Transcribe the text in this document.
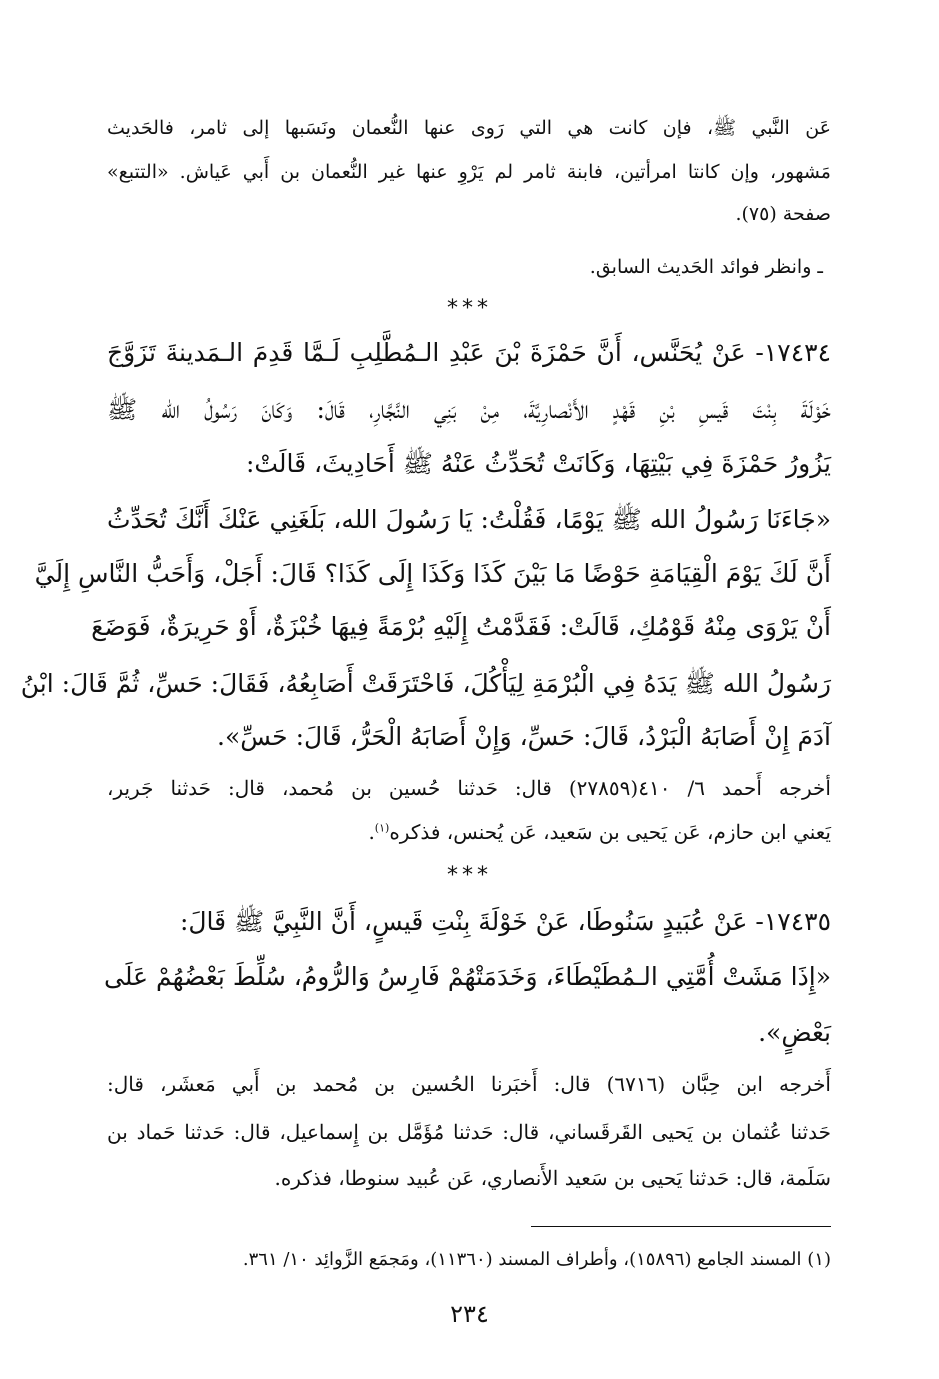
عَن النَّبي ﷺ، فإن كانت هي التي رَوى عنها النُّعمان ونَسَبها إلى ثامر، فالحَديث
مَشهور، وإن كانتا امرأتين، فابنة ثامر لم يَرْوِ عنها غير النُّعمان بن أَبي عَياش. «التتبع»
صفحة (٧٥).
ـ وانظر فوائد الحَديث السابق.
***
١٧٤٣٤- عَنْ يُحَنَّس، أَنَّ حَمْزَةَ بْنَ عَبْدِ الـمُطَّلِبِ لَـمَّا قَدِمَ الـمَدينةَ تَزَوَّجَ
خَوْلَةَ بِنْتَ قَيسِ بْنِ قَهْدٍ الأَنْصارِيَّةَ، مِنْ بَنِي النَّجَّارِ، قَالَ: وَكَانَ رَسُولُ الله ﷺ
يَزُورُ حَمْزَةَ فِي بَيْتِهَا، وَكَانَتْ تُحَدِّثُ عَنْهُ ﷺ أَحَادِيثَ، قَالَتْ:
«جَاءَنَا رَسُولُ الله ﷺ يَوْمًا، فَقُلْتُ: يَا رَسُولَ الله، بَلَغَنِي عَنْكَ أَنَّكَ تُحَدِّثُ
أَنَّ لَكَ يَوْمَ الْقِيَامَةِ حَوْضًا مَا بَيْنَ كَذَا وَكَذَا إِلَى كَذَا؟ قَالَ: أَجَلْ، وَأَحَبُّ النَّاسِ إِلَيَّ
أَنْ يَرْوَى مِنْهُ قَوْمُكِ، قَالَتْ: فَقَدَّمْتُ إِلَيْهِ بُرْمَةً فِيهَا خُبْزَةٌ، أَوْ حَرِيرَةٌ، فَوَضَعَ
رَسُولُ الله ﷺ يَدَهُ فِي الْبُرْمَةِ لِيَأْكُلَ، فَاحْتَرَقَتْ أَصَابِعُهُ، فَقَالَ: حَسِّ، ثُمَّ قَالَ: ابْنُ
آدَمَ إِنْ أَصَابَهُ الْبَرْدُ، قَالَ: حَسِّ، وَإِنْ أَصَابَهُ الْحَرُّ، قَالَ: حَسِّ».
أخرجه أَحمد ٦/ ٤١٠(٢٧٨٥٩) قال: حَدثنا حُسين بن مُحمد، قال: حَدثنا جَرير،
يَعني ابن حازم، عَن يَحيى بن سَعيد، عَن يُحنس، فذكره$^{(١)}$.
***
١٧٤٣٥- عَنْ عُبَيدٍ سَنُوطَا، عَنْ خَوْلَةَ بِنْتِ قَيسٍ، أَنَّ النَّبِيَّ ﷺ قَالَ:
«إِذَا مَشَتْ أُمَّتِي الـمُطَيْطَاءَ، وَخَدَمَتْهُمْ فَارِسُ وَالرُّومُ، سُلِّطَ بَعْضُهُمْ عَلَى
بَعْضٍ».
أَخرجه ابن حِبَّان (٦٧١٦) قال: أَخبَرنا الحُسين بن مُحمد بن أَبي مَعشَر، قال:
حَدثنا عُثمان بن يَحيى القَرقَساني، قال: حَدثنا مُؤَمَّل بن إِسماعيل، قال: حَدثنا حَماد بن
سَلَمة، قال: حَدثنا يَحيى بن سَعيد الأَنصاري، عَن عُبيد سنوطا، فذكره.
(١) المسند الجامع (١٥٨٩٦)، وأطراف المسند (١١٣٦٠)، ومَجمَع الزَّوائِد ١٠/ ٣٦١.
٢٣٤
